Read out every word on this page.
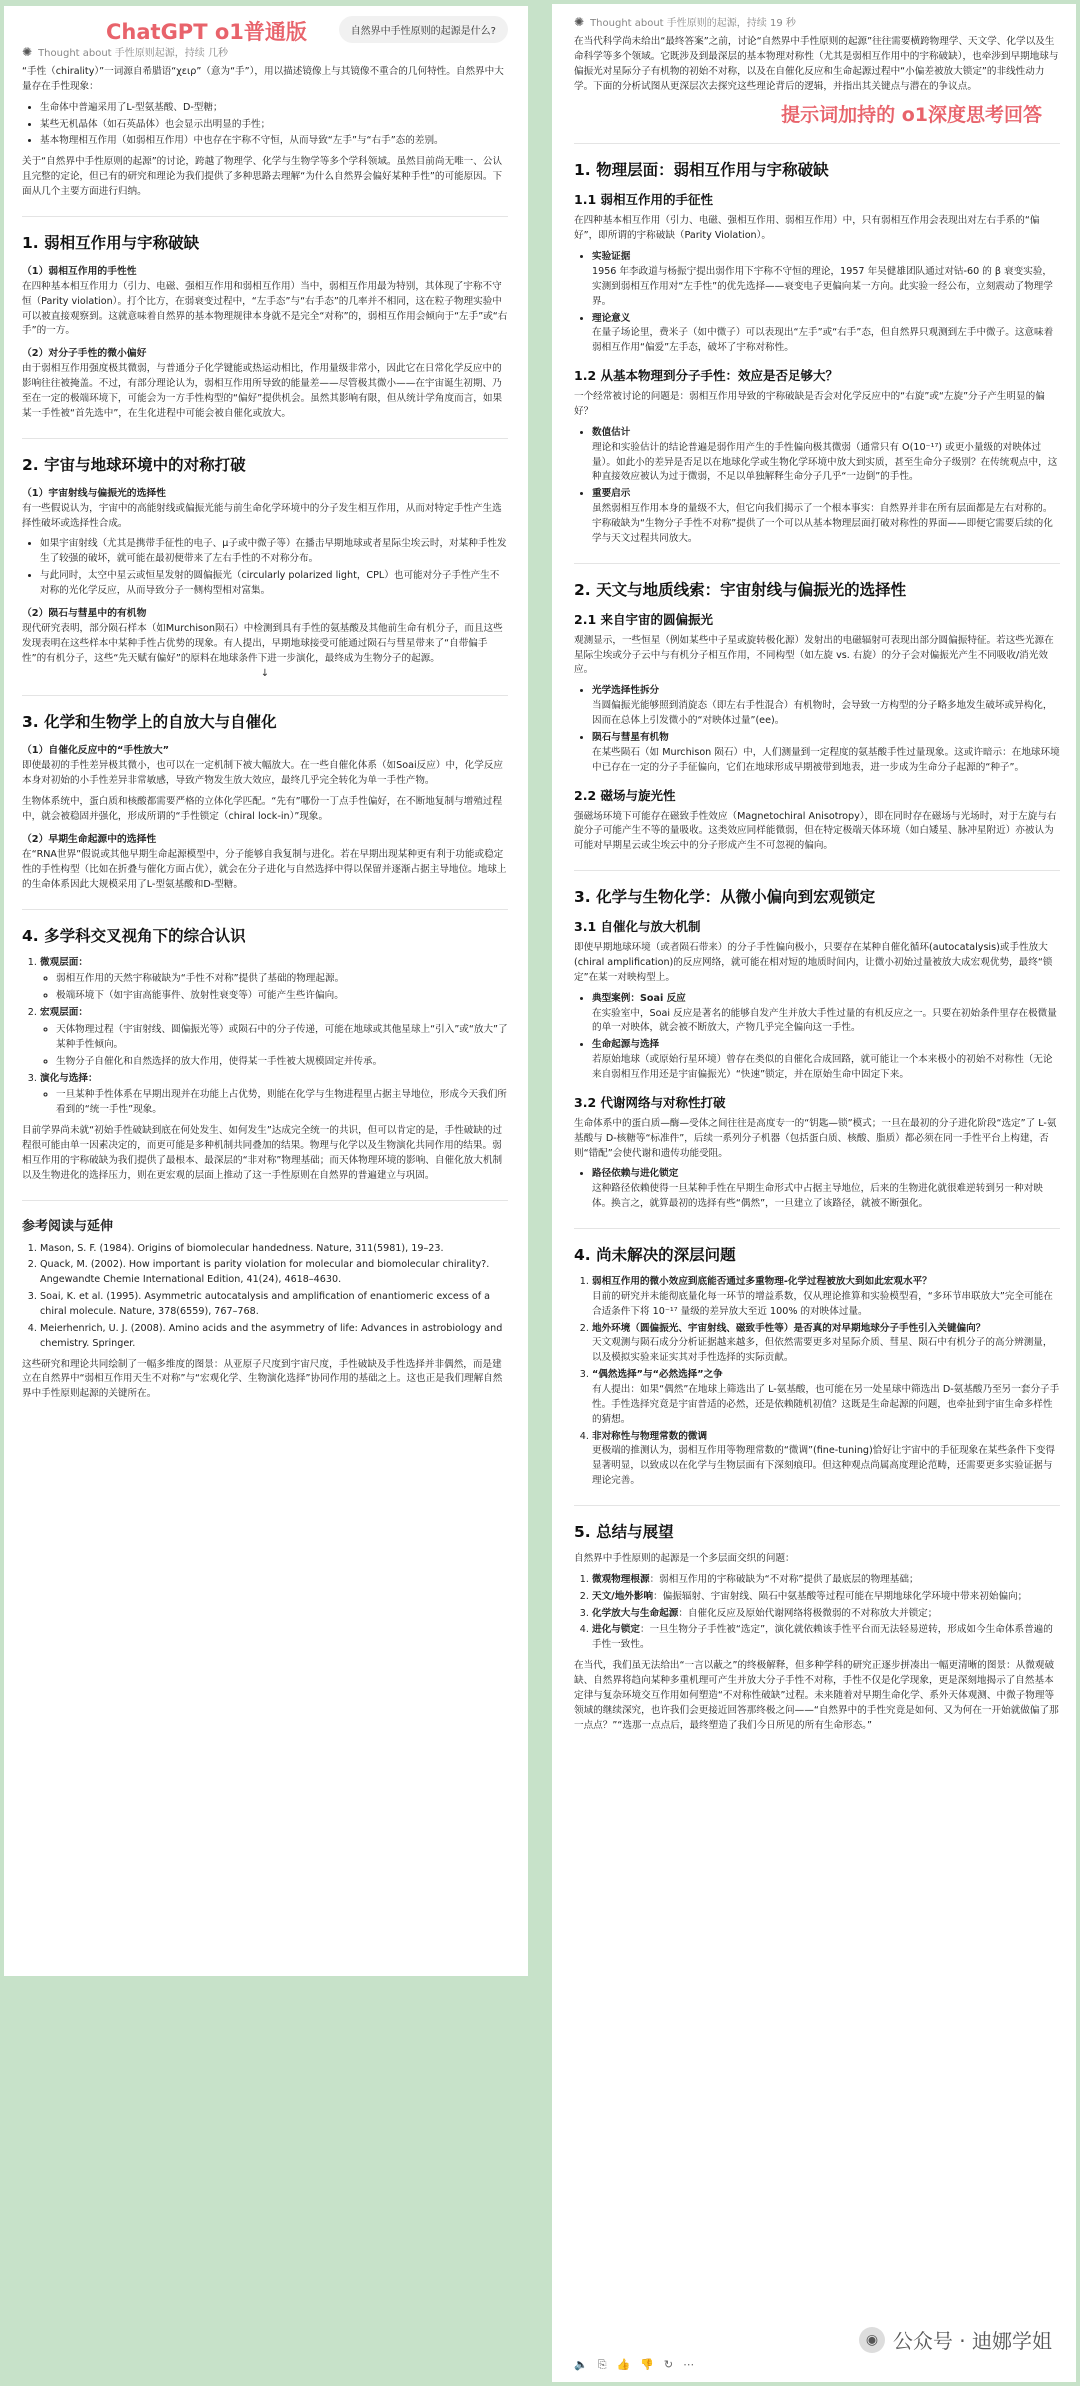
ChatGPT o1普通版	自然界中手性原则的起源是什么?
✺ Thought about 手性原则起源，持续 几秒

“手性（chirality）”一词源自希腊语“χειρ”（意为“手”），用以描述镜像上与其镜像不重合的几何特性。自然界中大量存在手性现象：

• 生命体中普遍采用了L-型氨基酸、D-型糖；
• 某些无机晶体（如石英晶体）也会显示出明显的手性；
• 基本物理相互作用（如弱相互作用）中也存在宇称不守恒，从而导致“左手”与“右手”态的差别。

关于“自然界中手性原则的起源”的讨论，跨越了物理学、化学与生物学等多个学科领域。虽然目前尚无唯一、公认且完整的定论，但已有的研究和理论为我们提供了多种思路去理解“为什么自然界会偏好某种手性”的可能原因。下面从几个主要方面进行归纳。

1. 弱相互作用与宇称破缺
（1）弱相互作用的手性性

在四种基本相互作用力（引力、电磁、强相互作用和弱相互作用）当中，弱相互作用最为特别，其体现了宇称不守恒（Parity violation）。打个比方，在弱衰变过程中，“左手态”与“右手态”的几率并不相同，这在粒子物理实验中可以被直接观察到。这就意味着自然界的基本物理规律本身就不是完全“对称”的，弱相互作用会倾向于“左手”或“右手”的一方。

（2）对分子手性的微小偏好

由于弱相互作用强度极其微弱，与普通分子化学键能或热运动相比，作用量级非常小，因此它在日常化学反应中的影响往往被掩盖。不过，有部分理论认为，弱相互作用所导致的能量差——尽管极其微小——在宇宙诞生初期、乃至在一定的极端环境下，可能会为一方手性构型的“偏好”提供机会。虽然其影响有限，但从统计学角度而言，如果某一手性被“首先选中”，在生化进程中可能会被自催化或放大。

2. 宇宙与地球环境中的对称打破
（1）宇宙射线与偏振光的选择性

有一些假说认为，宇宙中的高能射线或偏振光能与前生命化学环境中的分子发生相互作用，从而对特定手性产生选择性破坏或选择性合成。

• 如果宇宙射线（尤其是携带手征性的电子、μ子或中微子等）在播击早期地球或者星际尘埃云时，对某种手性发生了较强的破坏，就可能在最初便带来了左右手性的不对称分布。
• 与此同时，太空中星云或恒星发射的圆偏振光（circularly polarized light，CPL）也可能对分子手性产生不对称的光化学反应，从而导致分子一侧构型相对富集。
（2）陨石与彗星中的有机物

现代研究表明，部分陨石样本（如Murchison陨石）中检测到具有手性的氨基酸及其他前生命有机分子，而且这些发现表明在这些样本中某种手性占优势的现象。有人提出，早期地球接受可能通过陨石与彗星带来了“自带偏手性”的有机分子，这些“先天赋有偏好”的原料在地球条件下进一步演化，最终成为生物分子的起源。

↓
3. 化学和生物学上的自放大与自催化
（1）自催化反应中的“手性放大”

即使最初的手性差异极其微小，也可以在一定机制下被大幅放大。在一些自催化体系（如Soai反应）中，化学反应本身对初始的小手性差异非常敏感，导致产物发生放大效应，最终几乎完全转化为单一手性产物。

生物体系统中，蛋白质和核酸都需要严格的立体化学匹配。“先有”哪份一丁点手性偏好，在不断地复制与增殖过程中，就会被稳固并强化，形成所谓的“手性锁定（chiral lock-in）”现象。

（2）早期生命起源中的选择性

在“RNA世界”假说或其他早期生命起源模型中，分子能够自我复制与进化。若在早期出现某种更有利于功能或稳定性的手性构型（比如在折叠与催化方面占优），就会在分子进化与自然选择中得以保留并逐渐占据主导地位。地球上的生命体系因此大规模采用了L-型氨基酸和D-型糖。

4. 多学科交叉视角下的综合认识
1. 微观层面：
◦ 弱相互作用的天然宇称破缺为“手性不对称”提供了基础的物理起源。
◦ 极端环境下（如宇宙高能事件、放射性衰变等）可能产生些许偏向。
2. 宏观层面：
◦ 天体物理过程（宇宙射线、圆偏振光等）或陨石中的分子传递，可能在地球或其他星球上“引入”或“放大”了某种手性倾向。
◦ 生物分子自催化和自然选择的放大作用，使得某一手性被大规模固定并传承。
3. 演化与选择：
◦ 一旦某种手性体系在早期出现并在功能上占优势，则能在化学与生物进程里占据主导地位，形成今天我们所看到的“统一手性”现象。

目前学界尚未就“初始手性破缺到底在何处发生、如何发生”达成完全统一的共识，但可以肯定的是，手性破缺的过程很可能由单一因素决定的，而更可能是多种机制共同叠加的结果。物理与化学以及生物演化共同作用的结果。弱相互作用的宇称破缺为我们提供了最根本、最深层的“非对称”物理基础；而天体物理环境的影响、自催化放大机制以及生物进化的选择压力，则在更宏观的层面上推动了这一手性原则在自然界的普遍建立与巩固。

参考阅读与延伸
1. Mason, S. F. (1984). Origins of biomolecular handedness. Nature, 311(5981), 19–23.
2. Quack, M. (2002). How important is parity violation for molecular and biomolecular chirality?. Angewandte Chemie International Edition, 41(24), 4618–4630.
3. Soai, K. et al. (1995). Asymmetric autocatalysis and amplification of enantiomeric excess of a chiral molecule. Nature, 378(6559), 767–768.
4. Meierhenrich, U. J. (2008). Amino acids and the asymmetry of life: Advances in astrobiology and chemistry. Springer.

这些研究和理论共同绘制了一幅多维度的图景：从亚原子尺度到宇宙尺度，手性破缺及手性选择并非偶然，而是建立在自然界中“弱相互作用天生不对称”与“宏观化学、生物演化选择”协同作用的基础之上。这也正是我们理解自然界中手性原则起源的关键所在。

✺ Thought about 手性原则的起源，持续 19 秒

在当代科学尚未给出“最终答案”之前，讨论“自然界中手性原则的起源”往往需要横跨物理学、天文学、化学以及生命科学等多个领域。它既涉及到最深层的基本物理对称性（尤其是弱相互作用中的宇称破缺），也牵涉到早期地球与偏振光对星际分子有机物的初始不对称，以及在自催化反应和生命起源过程中“小偏差被放大锁定”的非线性动力学。下面的分析试图从更深层次去探究这些理论背后的逻辑，并指出其关键点与潜在的争议点。

提示词加持的 o1深度思考回答
1. 物理层面：弱相互作用与宇称破缺
1.1 弱相互作用的手征性

在四种基本相互作用（引力、电磁、强相互作用、弱相互作用）中，只有弱相互作用会表现出对左右手系的“偏好”，即所谓的宇称破缺（Parity Violation）。

• 实验证据
1956 年李政道与杨振宁提出弱作用下宇称不守恒的理论，1957 年吴健雄团队通过对钴-60 的 β 衰变实验，实测到弱相互作用对“左手性”的优先选择——衰变电子更偏向某一方向。此实验一经公布，立刻震动了物理学界。
• 理论意义
在量子场论里，费米子（如中微子）可以表现出“左手”或“右手”态，但自然界只观测到左手中微子。这意味着弱相互作用“偏爱”左手态，破坏了宇称对称性。
1.2 从基本物理到分子手性：效应是否足够大？

一个经常被讨论的问题是：弱相互作用导致的宇称破缺是否会对化学反应中的“右旋”或“左旋”分子产生明显的偏好？

• 数值估计
理论和实验估计的结论普遍是弱作用产生的手性偏向极其微弱（通常只有 O(10⁻¹⁷) 或更小量级的对映体过量）。如此小的差异是否足以在地球化学或生物化学环境中放大到实质，甚至生命分子级别？在传统观点中，这种直接效应被认为过于微弱，不足以单独解释生命分子几乎“一边倒”的手性。
• 重要启示
虽然弱相互作用本身的量级不大，但它向我们揭示了一个根本事实：自然界并非在所有层面都是左右对称的。宇称破缺为“生物分子手性不对称”提供了一个可以从基本物理层面打破对称性的界面——即便它需要后续的化学与天文过程共同放大。
2. 天文与地质线索：宇宙射线与偏振光的选择性
2.1 来自宇宙的圆偏振光

观测显示，一些恒星（例如某些中子星或旋转极化源）发射出的电磁辐射可表现出部分圆偏振特征。若这些光源在星际尘埃或分子云中与有机分子相互作用，不同构型（如左旋 vs. 右旋）的分子会对偏振光产生不同吸收/消光效应。

• 光学选择性拆分
当圆偏振光能够照到消旋态（即左右手性混合）有机物时，会导致一方构型的分子略多地发生破坏或异构化，因而在总体上引发微小的“对映体过量”(ee)。
• 陨石与彗星有机物
在某些陨石（如 Murchison 陨石）中，人们测量到一定程度的氨基酸手性过量现象。这或许暗示：在地球环境中已存在一定的分子手征偏向，它们在地球形成早期被带到地表，进一步成为生命分子起源的“种子”。
2.2 磁场与旋光性

强磁场环境下可能存在磁致手性效应（Magnetochiral Anisotropy），即在同时存在磁场与光场时，对于左旋与右旋分子可能产生不等的量吸收。这类效应同样能微弱，但在特定极端天体环境（如白矮星、脉冲星附近）亦被认为可能对早期星云或尘埃云中的分子形成产生不可忽视的偏向。

3. 化学与生物化学：从微小偏向到宏观锁定
3.1 自催化与放大机制

即使早期地球环境（或者陨石带来）的分子手性偏向极小，只要存在某种自催化循环(autocatalysis)或手性放大(chiral amplification)的反应网络，就可能在相对短的地质时间内，让微小初始过量被放大成宏观优势，最终“锁定”在某一对映构型上。

• 典型案例：Soai 反应
在实验室中，Soai 反应是著名的能够自发产生并放大手性过量的有机反应之一。只要在初始条件里存在极微量的单一对映体，就会被不断放大，产物几乎完全偏向这一手性。
• 生命起源与选择
若原始地球（或原始行星环境）曾存在类似的自催化合成回路，就可能让一个本来极小的初始不对称性（无论来自弱相互作用还是宇宙偏振光）“快速”锁定，并在原始生命中固定下来。
3.2 代谢网络与对称性打破

生命体系中的蛋白质—酶—受体之间往往是高度专一的“钥匙—锁”模式；一旦在最初的分子进化阶段“选定”了 L-氨基酸与 D-核糖等“标准件”，后续一系列分子机器（包括蛋白质、核酸、脂质）都必须在同一手性平台上构建，否则“错配”会使代谢和遗传功能受阻。

• 路径依赖与进化锁定
这种路径依赖使得一旦某种手性在早期生命形式中占据主导地位，后来的生物进化就很难逆转到另一种对映体。换言之，就算最初的选择有些“偶然”，一旦建立了该路径，就被不断强化。
4. 尚未解决的深层问题
1. 弱相互作用的微小效应到底能否通过多重物理-化学过程被放大到如此宏观水平？
目前的研究并未能彻底量化每一环节的增益系数，仅从理论推算和实验模型看，“多环节串联放大”完全可能在合适条件下将 10⁻¹⁷ 量级的差异放大至近 100% 的对映体过量。
2. 地外环境（圆偏振光、宇宙射线、磁致手性等）是否真的对早期地球分子手性引入关键偏向？
天文观测与陨石成分分析证据越来越多，但依然需要更多对星际介质、彗星、陨石中有机分子的高分辨测量，以及模拟实验来证实其对手性选择的实际贡献。
3. “偶然选择”与“必然选择”之争
有人提出：如果“偶然”在地球上筛选出了 L-氨基酸，也可能在另一处星球中筛选出 D-氨基酸乃至另一套分子手性。手性选择究竟是宇宙普适的必然，还是依赖随机初值？这既是生命起源的问题，也牵扯到宇宙生命多样性的猜想。
4. 非对称性与物理常数的微调
更极端的推测认为，弱相互作用等物理常数的“微调”(fine-tuning)恰好让宇宙中的手征现象在某些条件下变得显著明显，以致成以在化学与生物层面有下深刻痕印。但这种观点尚属高度理论范畴，还需要更多实验证据与理论完善。
5. 总结与展望

自然界中手性原则的起源是一个多层面交织的问题：

1. 微观物理根源：弱相互作用的宇称破缺为“不对称”提供了最底层的物理基础；
2. 天文/地外影响：偏振辐射、宇宙射线、陨石中氨基酸等过程可能在早期地球化学环境中带来初始偏向；
3. 化学放大与生命起源：自催化反应及原始代谢网络将极微弱的不对称放大并锁定；
4. 进化与锁定：一旦生物分子手性被“选定”，演化就依赖该手性平台而无法轻易逆转，形成如今生命体系普遍的手性一致性。

在当代，我们虽无法给出“一言以蔽之”的终极解释，但多种学科的研究正逐步拼凑出一幅更清晰的图景：从微观破缺、自然界将趋向某种多重机理可产生并放大分子手性不对称，手性不仅是化学现象，更是深刻地揭示了自然基本定律与复杂环境交互作用如何塑造“不对称性破缺”过程。未来随着对早期生命化学、系外天体观测、中微子物理等领域的继续深究，也许我们会更接近回答那终极之问——“自然界中的手性究竟是如何、又为何在一开始就做偏了那一点点？”“选那一点点后，最终塑造了我们今日所见的所有生命形态。”

🔈 ⎘ 👍 👎 ↻ ⋯
◉ 公众号 · 迪娜学姐
